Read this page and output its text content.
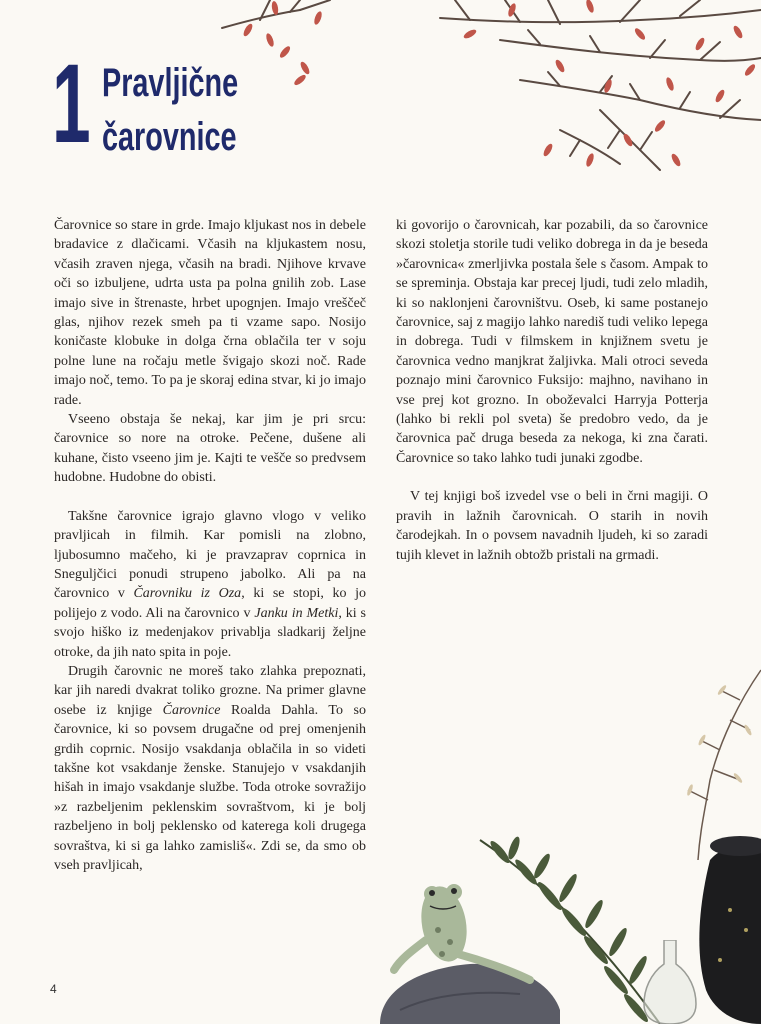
1 Pravljične
čarovnice

Čarovnice so stare in grde. Imajo kljukast nos in debele bradavice z dlačicami. Včasih na kljukastem nosu, včasih zraven njega, včasih na bradi. Njihove krvave oči so izbuljene, udrta usta pa polna gnilih zob. Lase imajo sive in štrenaste, hrbet upognjen. Imajo vreščeč glas, njihov rezek smeh pa ti vzame sapo. Nosijo koničaste klobuke in dolga črna oblačila ter v soju polne lune na ročaju metle švigajo skozi noč. Rade imajo noč, temo. To pa je skoraj edina stvar, ki jo imajo rade.

Vseeno obstaja še nekaj, kar jim je pri srcu: čarovnice so nore na otroke. Pečene, dušene ali kuhane, čisto vseeno jim je. Kajti te veščе so predvsem hudobne. Hudobne do obisti.

Takšne čarovnice igrajo glavno vlogo v veliko pravljicah in filmih. Kar pomisli na zlobno, ljubosumno mačeho, ki je pravzaprav coprnica in Sneguljčici ponudi strupeno jabolko. Ali pa na čarovnico v Čarovniku iz Oza, ki se stopi, ko jo polijejo z vodo. Ali na čarovnico v Janku in Metki, ki s svojo hiško iz medenjakov privablja sladkarij željne otroke, da jih nato spita in poje.

Drugih čarovnic ne moreš tako zlahka prepoznati, kar jih naredi dvakrat toliko grozne. Na primer glavne osebe iz knjige Čarovnice Roalda Dahla. To so čarovnice, ki so povsem drugačne od prej omenjenih grdih coprnic. Nosijo vsakdanja oblačila in so videti takšne kot vsakdanje ženske. Stanujejo v vsakdanjih hišah in imajo vsakdanje službe. Toda otroke sovražijo »z razbeljenim peklenskim sovraštvom, ki je bolj razbeljeno in bolj peklensko od katerega koli drugega sovraštva, ki si ga lahko zamisliš«. Zdi se, da smo ob vseh pravljicah,

ki govorijo o čarovnicah, kar pozabili, da so čarovnice skozi stoletja storile tudi veliko dobrega in da je beseda »čarovnica« zmerljivka postala šele s časom. Ampak to se spreminja. Obstaja kar precej ljudi, tudi zelo mladih, ki so naklonjeni čarovništvu. Oseb, ki same postanejo čarovnice, saj z magijo lahko narediš tudi veliko lepega in dobrega. Tudi v filmskem in knjižnem svetu je čarovnica vedno manjkrat žaljivka. Mali otroci seveda poznajo mini čarovnico Fuksijo: majhno, navihano in vse prej kot grozno. In oboževalci Harryja Potterja (lahko bi rekli pol sveta) še predobro vedo, da je čarovnica pač druga beseda za nekoga, ki zna čarati. Čarovnice so tako lahko tudi junaki zgodbe.

V tej knjigi boš izvedel vse o beli in črni magiji. O pravih in lažnih čarovnicah. O starih in novih čarodejkah. In o povsem navadnih ljudeh, ki so zaradi tujih klevet in lažnih obtožb pristali na grmadi.

4
